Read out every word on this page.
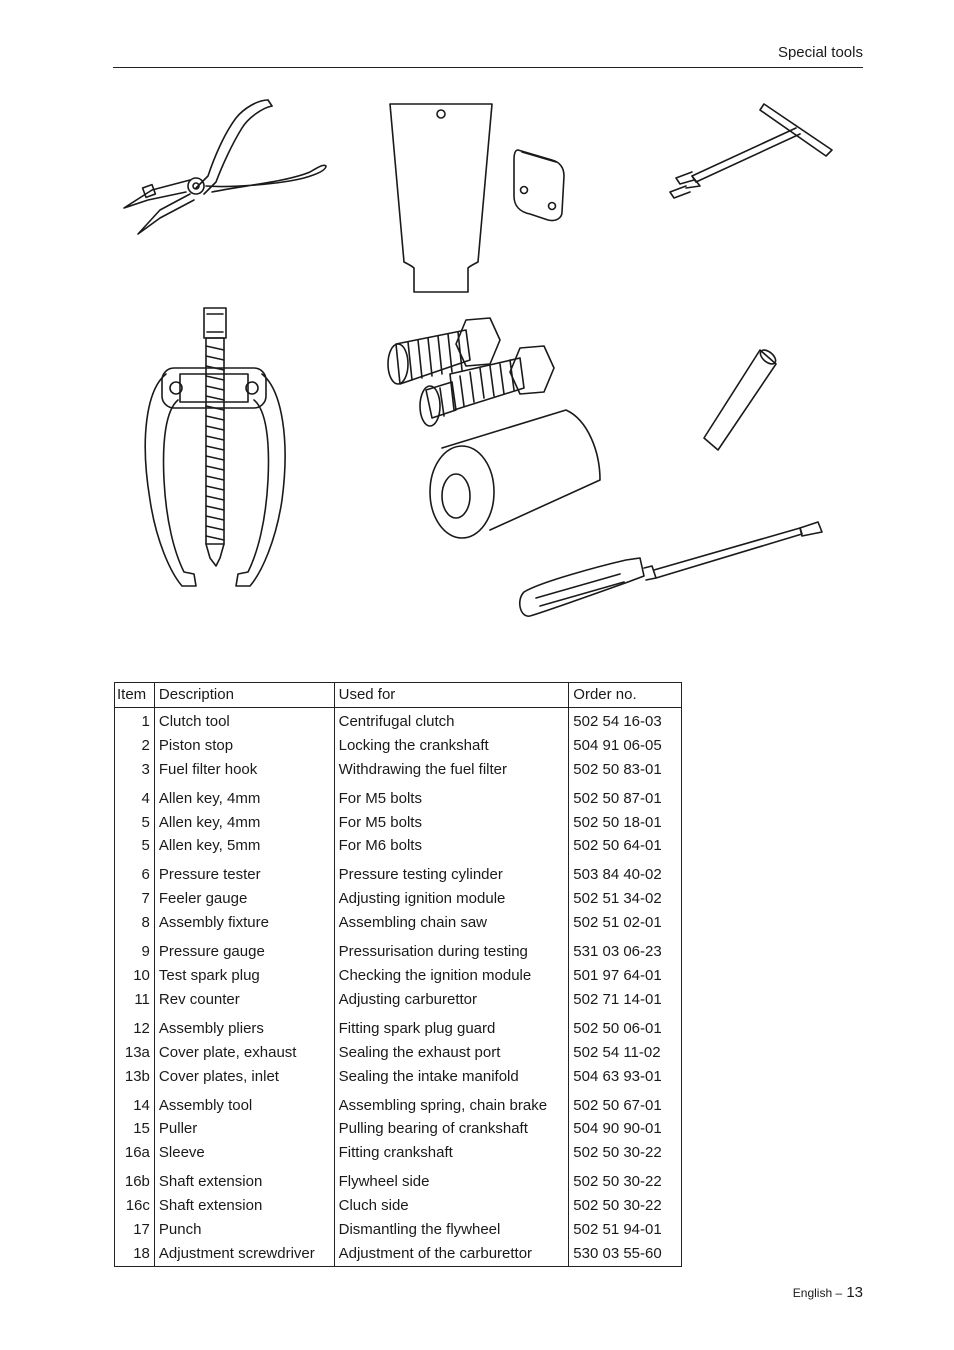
Special tools
Item	Description	Used for	Order no.
1	Clutch tool	Centrifugal clutch	502 54 16-03
2	Piston stop	Locking the crankshaft	504 91 06-05
3	Fuel filter hook	Withdrawing the fuel filter	502 50 83-01
4	Allen key, 4mm	For M5 bolts	502 50 87-01
5	Allen key, 4mm	For M5 bolts	502 50 18-01
5	Allen key, 5mm	For M6 bolts	502 50 64-01
6	Pressure tester	Pressure testing cylinder	503 84 40-02
7	Feeler gauge	Adjusting ignition module	502 51 34-02
8	Assembly fixture	Assembling chain saw	502 51 02-01
9	Pressure gauge	Pressurisation during testing	531 03 06-23
10	Test spark plug	Checking the ignition module	501 97 64-01
11	Rev counter	Adjusting carburettor	502 71 14-01
12	Assembly pliers	Fitting spark plug guard	502 50 06-01
13a	Cover plate, exhaust	Sealing the exhaust port	502 54 11-02
13b	Cover plates, inlet	Sealing the intake manifold	504 63 93-01
14	Assembly tool	Assembling spring, chain brake	502 50 67-01
15	Puller	Pulling bearing of crankshaft	504 90 90-01
16a	Sleeve	Fitting crankshaft	502 50 30-22
16b	Shaft extension	Flywheel side	502 50 30-22
16c	Shaft extension	Cluch side	502 50 30-22
17	Punch	Dismantling the flywheel	502 51 94-01
18	Adjustment screwdriver	Adjustment of the carburettor	530 03 55-60
English – 13
